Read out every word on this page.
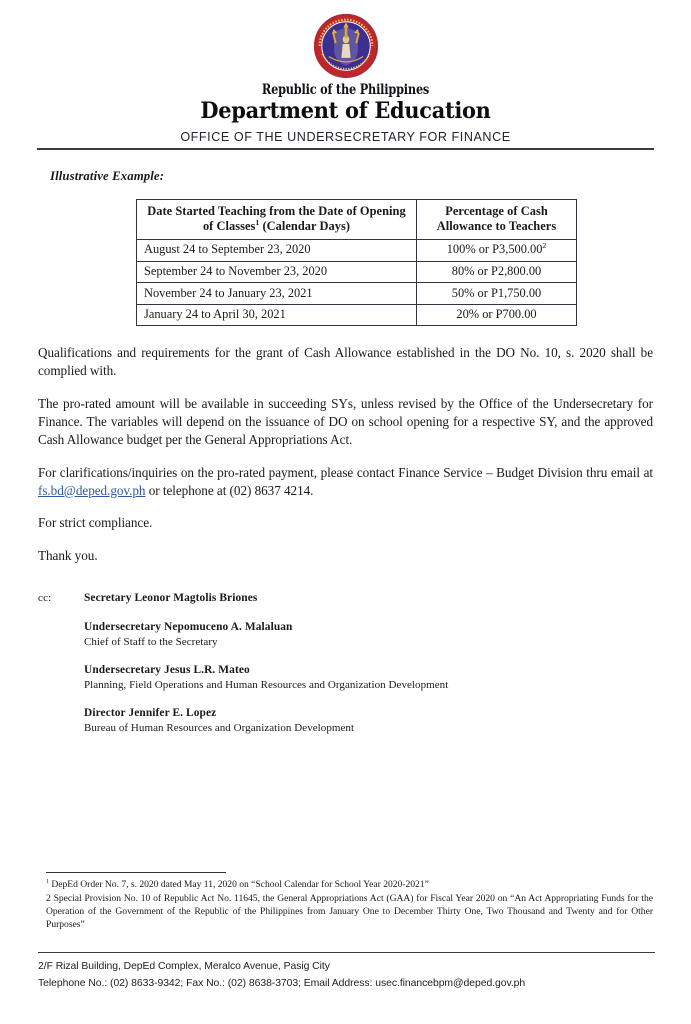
Republic of the Philippines
Department of Education
OFFICE OF THE UNDERSECRETARY FOR FINANCE
Illustrative Example:
Date Started Teaching from the Date of Opening of Classes$^1$ (Calendar Days)	Percentage of Cash Allowance to Teachers
August 24 to September 23, 2020	100% or P3,500.00$^2$
September 24 to November 23, 2020	80% or P2,800.00
November 24 to January 23, 2021	50% or P1,750.00
January 24 to April 30, 2021	20% or P700.00

Qualifications and requirements for the grant of Cash Allowance established in the DO No. 10, s. 2020 shall be complied with.

The pro-rated amount will be available in succeeding SYs, unless revised by the Office of the Undersecretary for Finance. The variables will depend on the issuance of DO on school opening for a respective SY, and the approved Cash Allowance budget per the General Appropriations Act.

For clarifications/inquiries on the pro-rated payment, please contact Finance Service – Budget Division thru email at fs.bd@deped.gov.ph or telephone at (02) 8637 4214.

For strict compliance.

Thank you.

cc:	Secretary Leonor Magtolis Briones
Undersecretary Nepomuceno A. Malaluan
Chief of Staff to the Secretary
Undersecretary Jesus L.R. Mateo
Planning, Field Operations and Human Resources and Organization Development
Director Jennifer E. Lopez
Bureau of Human Resources and Organization Development
$^1$ DepEd Order No. 7, s. 2020 dated May 11, 2020 on “School Calendar for School Year 2020-2021”
2 Special Provision No. 10 of Republic Act No. 11645, the General Appropriations Act (GAA) for Fiscal Year 2020 on “An Act Appropriating Funds for the Operation of the Government of the Republic of the Philippines from January One to December Thirty One, Two Thousand and Twenty and for Other Purposes”
2/F Rizal Building, DepEd Complex, Meralco Avenue, Pasig City
Telephone No.: (02) 8633-9342; Fax No.: (02) 8638-3703; Email Address: usec.financebpm@deped.gov.ph
